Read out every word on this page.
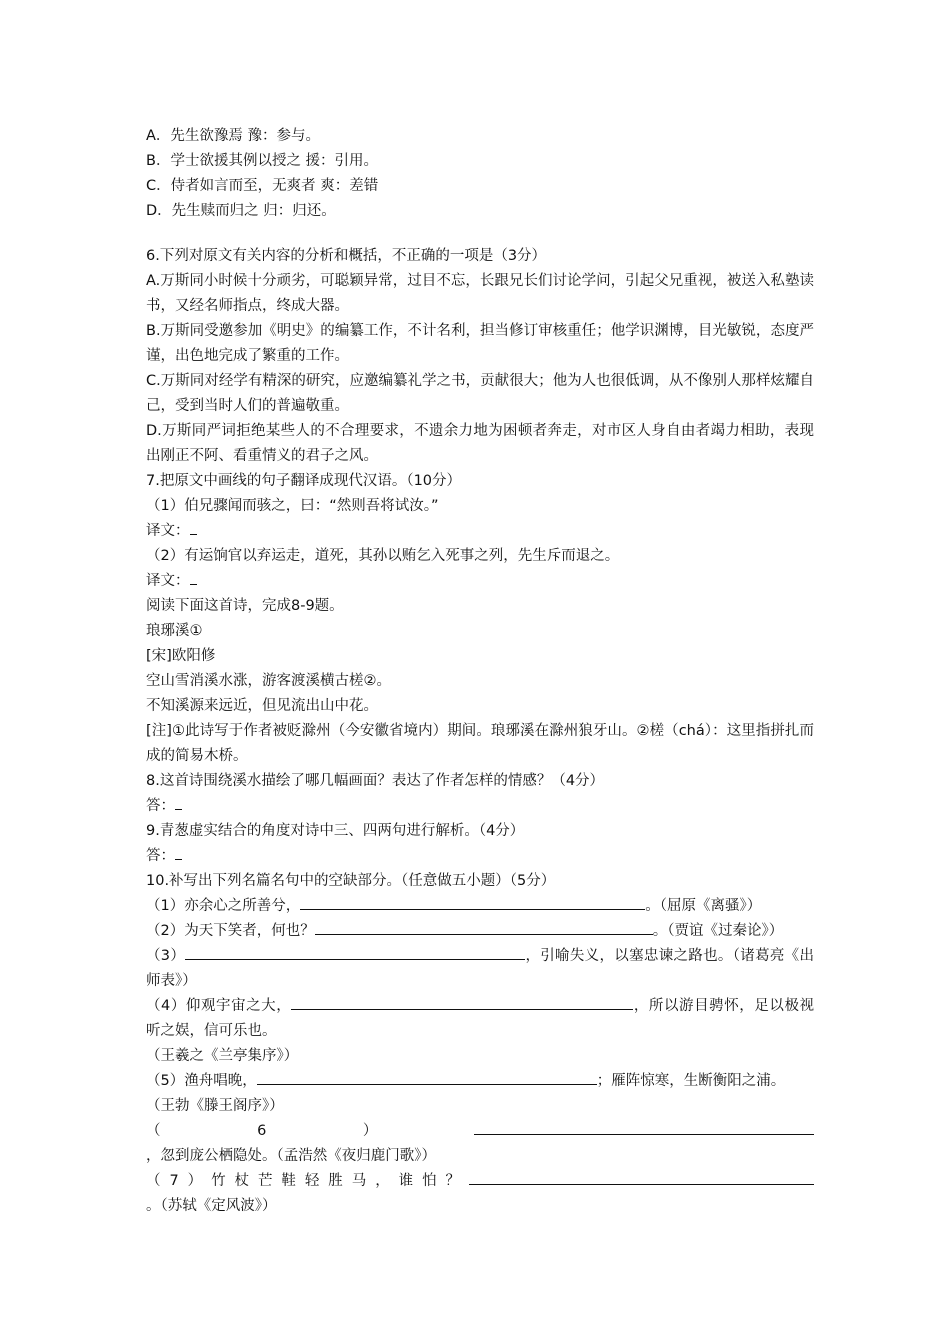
A．先生欲豫焉 豫：参与。
B．学士欲援其例以授之 援：引用。
C．侍者如言而至，无爽者 爽：差错
D．先生赎而归之 归：归还。
6.下列对原文有关内容的分析和概括，不正确的一项是（3分）
A.万斯同小时候十分顽劣，可聪颖异常，过目不忘，长跟兄长们讨论学问，引起父兄重视，被送入私塾读书，又经名师指点，终成大器。
B.万斯同受邀参加《明史》的编纂工作，不计名利，担当修订审核重任；他学识渊博，目光敏锐，态度严谨，出色地完成了繁重的工作。
C.万斯同对经学有精深的研究，应邀编纂礼学之书，贡献很大；他为人也很低调，从不像别人那样炫耀自己，受到当时人们的普遍敬重。
D.万斯同严词拒绝某些人的不合理要求，不遗余力地为困顿者奔走，对市区人身自由者竭力相助，表现出刚正不阿、看重情义的君子之风。
7.把原文中画线的句子翻译成现代汉语。（10分）
（1）伯兄骤闻而骇之，曰：“然则吾将试汝。”
译文：
（2）有运饷官以弃运走，道死，其孙以贿乞入死事之列，先生斥而退之。
译文：
阅读下面这首诗，完成8-9题。
琅琊溪①
[宋]欧阳修
空山雪消溪水涨，游客渡溪横古槎②。
不知溪源来远近，但见流出山中花。
[注]①此诗写于作者被贬滁州（今安徽省境内）期间。琅琊溪在滁州狼牙山。②槎（chá）：这里指拼扎而成的简易木桥。
8.这首诗围绕溪水描绘了哪几幅画面？表达了作者怎样的情感？（4分）
答：
9.青葱虚实结合的角度对诗中三、四两句进行解析。（4分）
答：
10.补写出下列名篇名句中的空缺部分。（任意做五小题）（5分）
（1）亦余心之所善兮，	。（屈原《离骚》）
（2）为天下笑者，何也？	。（贾谊《过秦论》）
（3）	，引喻失义，以塞忠谏之路也。（诸葛亮《出师表》）
（4）仰观宇宙之大，	，所以游目骋怀，足以极视听之娱，信可乐也。
（王羲之《兰亭集序》）
（5）渔舟唱晚，	；雁阵惊寒，生断衡阳之浦。
（王勃《滕王阁序》）
（6），忽到庞公栖隐处。（孟浩然《夜归鹿门歌》）
（7）竹杖芒鞋轻胜马，谁怕？。（苏轼《定风波》）
